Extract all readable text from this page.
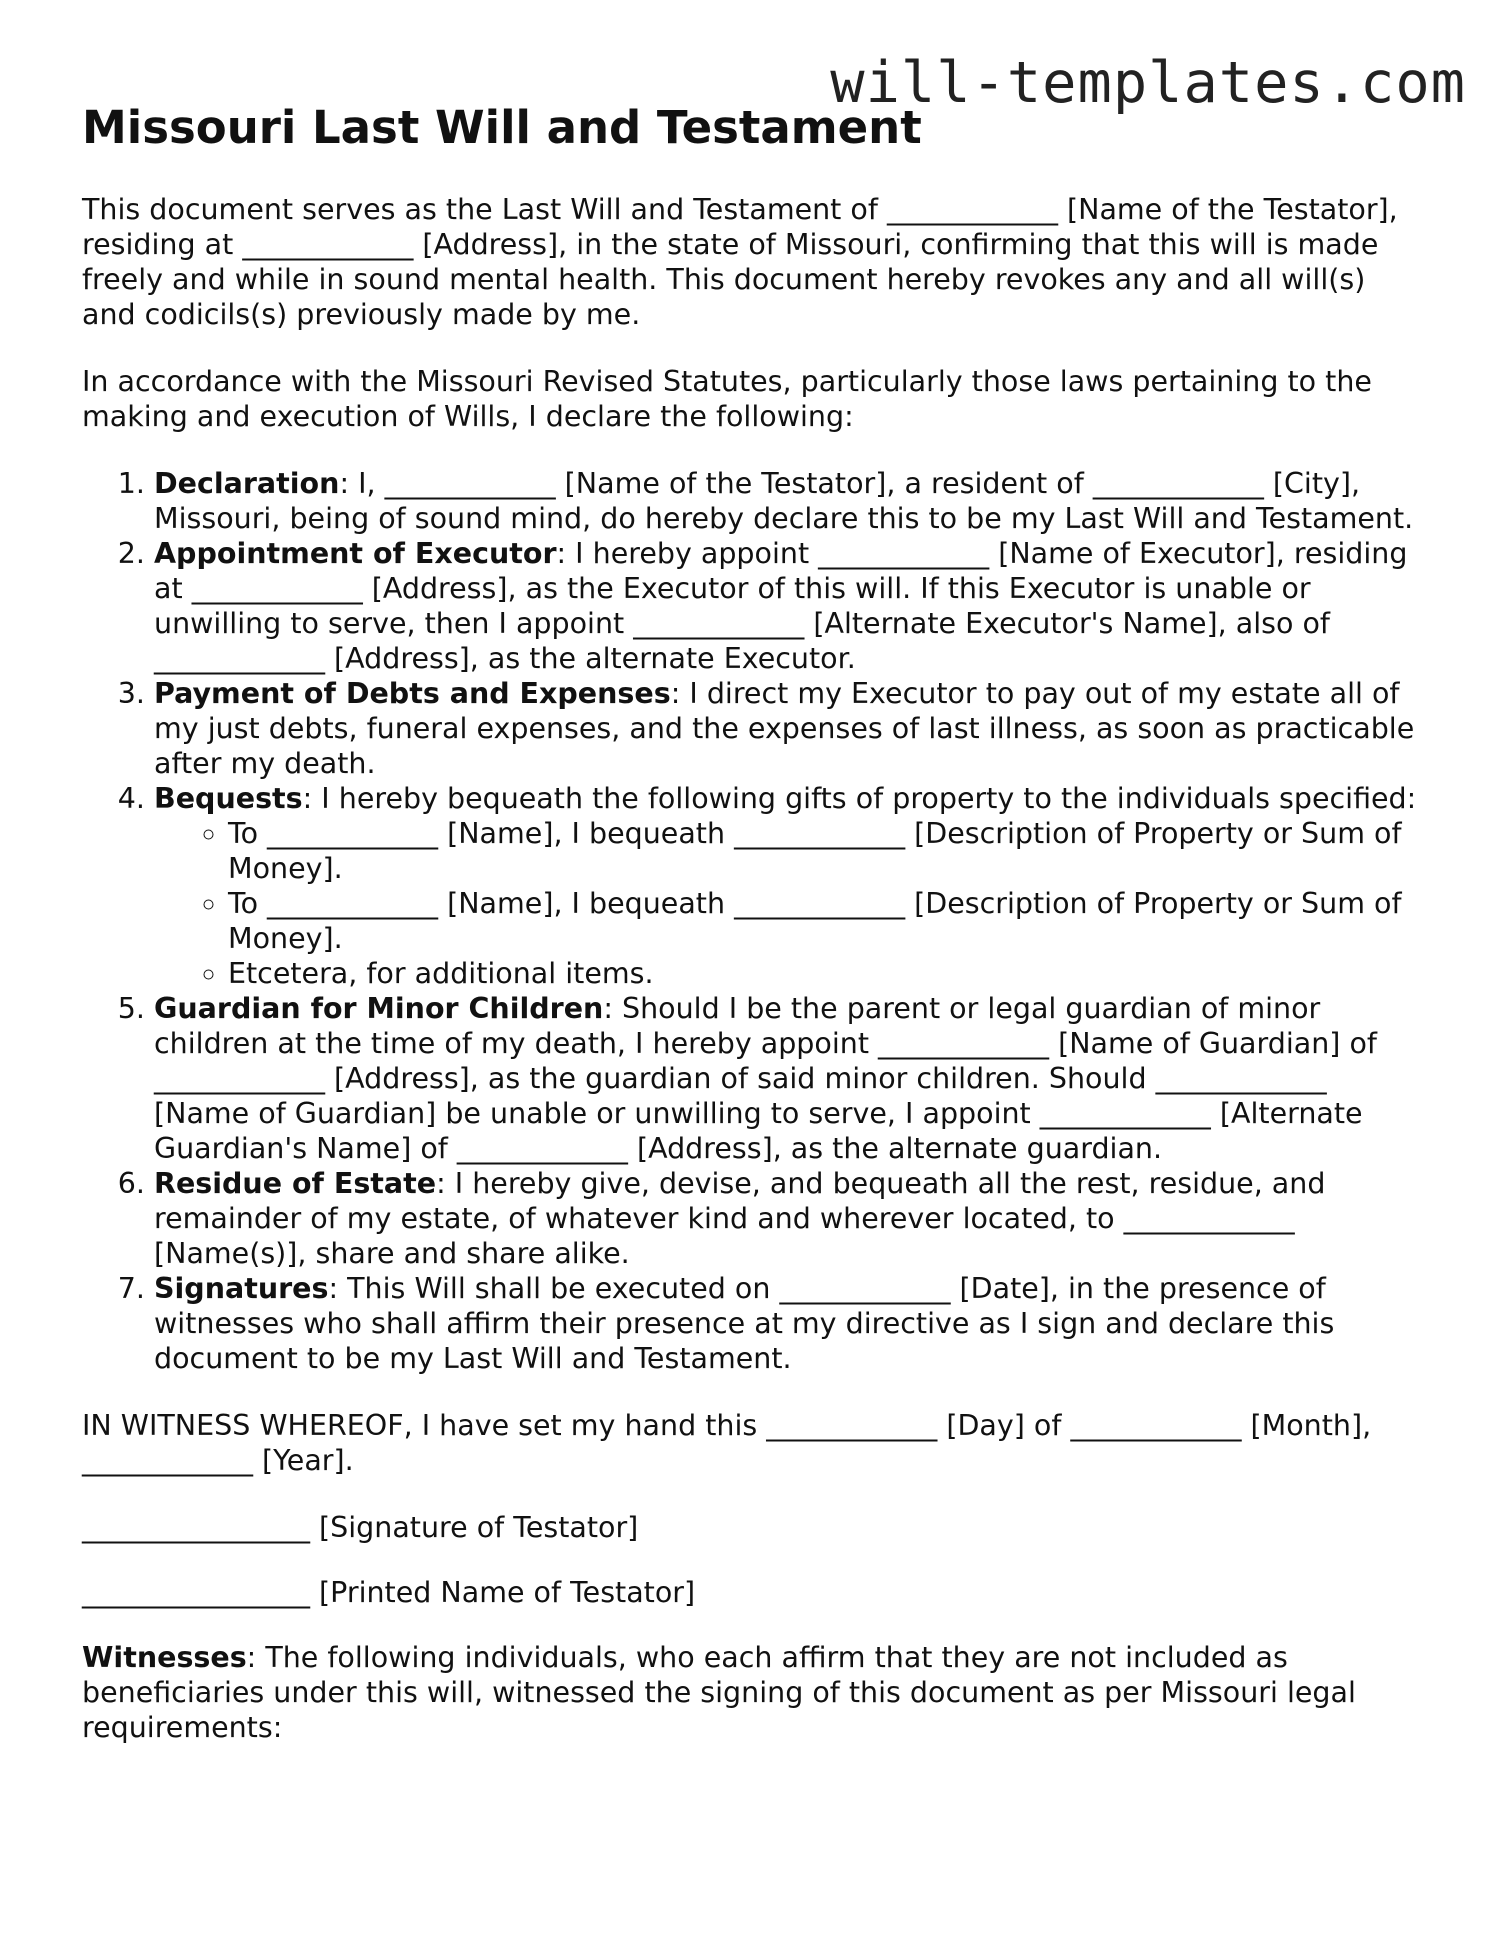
will-templates.com
Missouri Last Will and Testament

This document serves as the Last Will and Testament of ____________ [Name of the Testator], residing at ____________ [Address], in the state of Missouri, confirming that this will is made freely and while in sound mental health. This document hereby revokes any and all will(s) and codicils(s) previously made by me.

In accordance with the Missouri Revised Statutes, particularly those laws pertaining to the making and execution of Wills, I declare the following:

1. Declaration: I, ____________ [Name of the Testator], a resident of ____________ [City], Missouri, being of sound mind, do hereby declare this to be my Last Will and Testament.
2. Appointment of Executor: I hereby appoint ____________ [Name of Executor], residing at ____________ [Address], as the Executor of this will. If this Executor is unable or unwilling to serve, then I appoint ____________ [Alternate Executor's Name], also of ____________ [Address], as the alternate Executor.
3. Payment of Debts and Expenses: I direct my Executor to pay out of my estate all of my just debts, funeral expenses, and the expenses of last illness, as soon as practicable after my death.
4. Bequests: I hereby bequeath the following gifts of property to the individuals specified:
◦ To ____________ [Name], I bequeath ____________ [Description of Property or Sum of Money].
◦ To ____________ [Name], I bequeath ____________ [Description of Property or Sum of Money].
◦ Etcetera, for additional items.
5. Guardian for Minor Children: Should I be the parent or legal guardian of minor children at the time of my death, I hereby appoint ____________ [Name of Guardian] of ____________ [Address], as the guardian of said minor children. Should ____________ [Name of Guardian] be unable or unwilling to serve, I appoint ____________ [Alternate Guardian's Name] of ____________ [Address], as the alternate guardian.
6. Residue of Estate: I hereby give, devise, and bequeath all the rest, residue, and remainder of my estate, of whatever kind and wherever located, to ____________ [Name(s)], share and share alike.
7. Signatures: This Will shall be executed on ____________ [Date], in the presence of witnesses who shall affirm their presence at my directive as I sign and declare this document to be my Last Will and Testament.

IN WITNESS WHEREOF, I have set my hand this ____________ [Day] of ____________ [Month], ____________ [Year].

________________ [Signature of Testator]

________________ [Printed Name of Testator]

Witnesses: The following individuals, who each affirm that they are not included as beneficiaries under this will, witnessed the signing of this document as per Missouri legal requirements:
